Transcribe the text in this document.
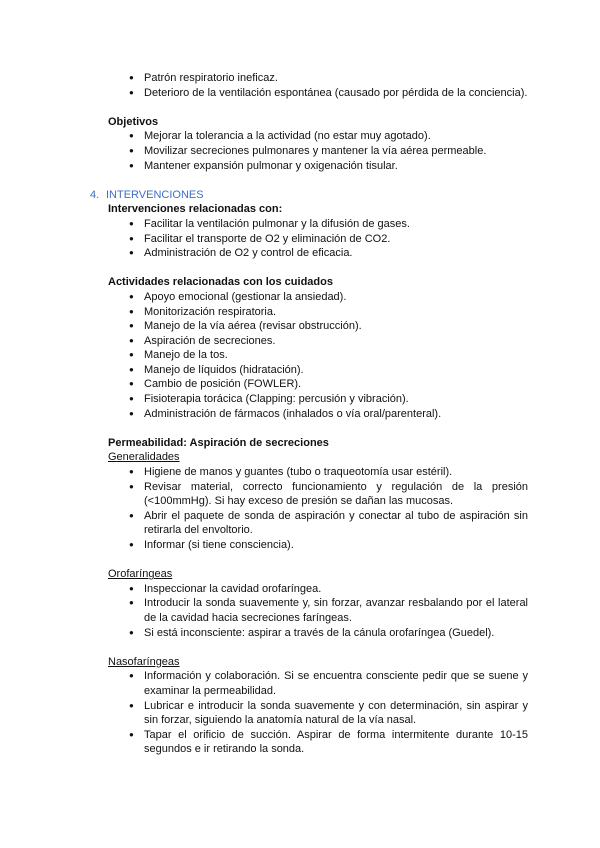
● Patrón respiratorio ineficaz.
● Deterioro de la ventilación espontánea (causado por pérdida de la conciencia).
Objetivos
● Mejorar la tolerancia a la actividad (no estar muy agotado).
● Movilizar secreciones pulmonares y mantener la vía aérea permeable.
● Mantener expansión pulmonar y oxigenación tisular.
4. INTERVENCIONES
Intervenciones relacionadas con:
● Facilitar la ventilación pulmonar y la difusión de gases.
● Facilitar el transporte de O2 y eliminación de CO2.
● Administración de O2 y control de eficacia.
Actividades relacionadas con los cuidados
● Apoyo emocional (gestionar la ansiedad).
● Monitorización respiratoria.
● Manejo de la vía aérea (revisar obstrucción).
● Aspiración de secreciones.
● Manejo de la tos.
● Manejo de líquidos (hidratación).
● Cambio de posición (FOWLER).
● Fisioterapia torácica (Clapping: percusión y vibración).
● Administración de fármacos (inhalados o vía oral/parenteral).
Permeabilidad: Aspiración de secreciones
Generalidades
● Higiene de manos y guantes (tubo o traqueotomía usar estéril).
● Revisar material, correcto funcionamiento y regulación de la presión (<100mmHg). Si hay exceso de presión se dañan las mucosas.
● Abrir el paquete de sonda de aspiración y conectar al tubo de aspiración sin retirarla del envoltorio.
● Informar (si tiene consciencia).
Orofaríngeas
● Inspeccionar la cavidad orofaríngea.
● Introducir la sonda suavemente y, sin forzar, avanzar resbalando por el lateral de la cavidad hacia secreciones faríngeas.
● Si está inconsciente: aspirar a través de la cánula orofaríngea (Guedel).
Nasofaríngeas
● Información y colaboración. Si se encuentra consciente pedir que se suene y examinar la permeabilidad.
● Lubricar e introducir la sonda suavemente y con determinación, sin aspirar y sin forzar, siguiendo la anatomía natural de la vía nasal.
● Tapar el orificio de succión. Aspirar de forma intermitente durante 10-15 segundos e ir retirando la sonda.
